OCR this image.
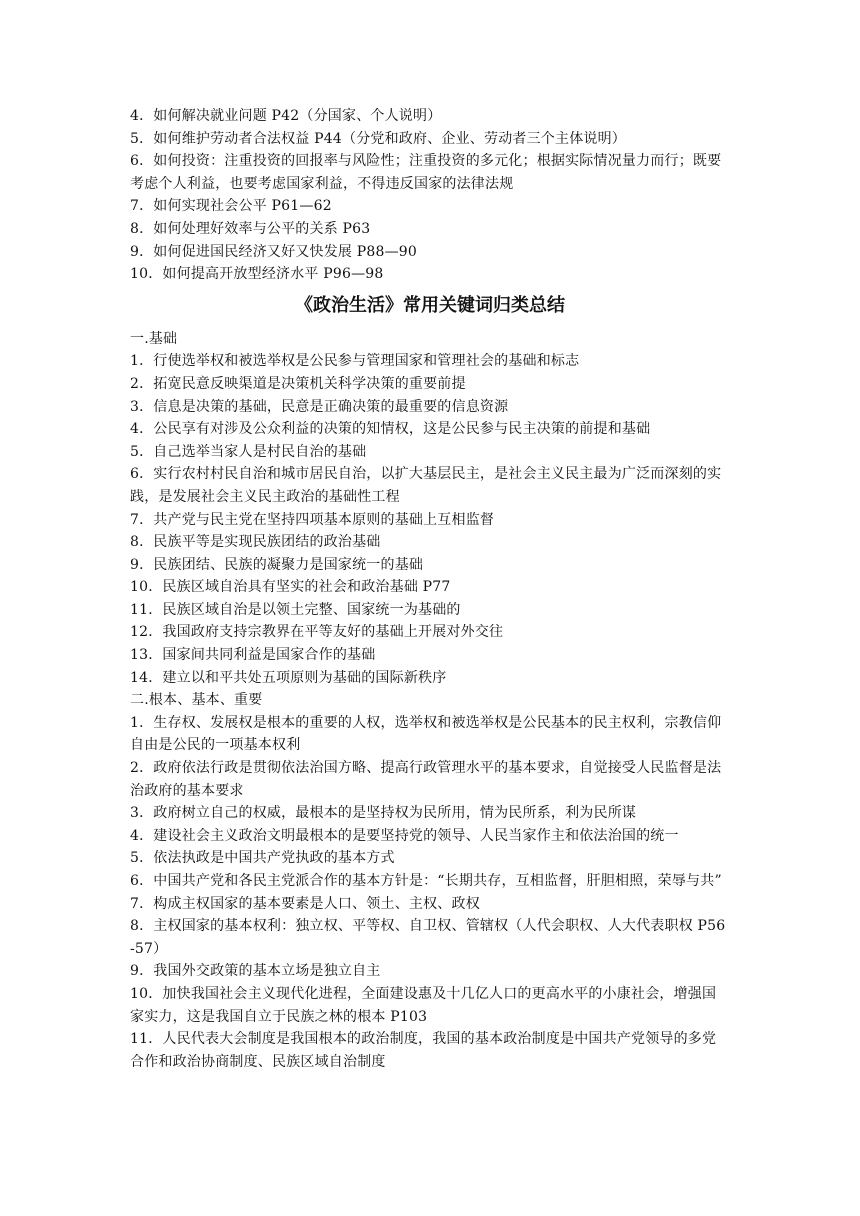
4．如何解决就业问题 P42（分国家、个人说明）
5．如何维护劳动者合法权益 P44（分党和政府、企业、劳动者三个主体说明）
6．如何投资：注重投资的回报率与风险性；注重投资的多元化；根据实际情况量力而行；既要考虑个人利益，也要考虑国家利益，不得违反国家的法律法规
7．如何实现社会公平 P61—62
8．如何处理好效率与公平的关系 P63
9．如何促进国民经济又好又快发展 P88—90
10．如何提高开放型经济水平 P96—98
《政治生活》常用关键词归类总结
一.基础
1．行使选举权和被选举权是公民参与管理国家和管理社会的基础和标志
2．拓宽民意反映渠道是决策机关科学决策的重要前提
3．信息是决策的基础，民意是正确决策的最重要的信息资源
4．公民享有对涉及公众利益的决策的知情权，这是公民参与民主决策的前提和基础
5．自己选举当家人是村民自治的基础
6．实行农村村民自治和城市居民自治，以扩大基层民主，是社会主义民主最为广泛而深刻的实践，是发展社会主义民主政治的基础性工程
7．共产党与民主党在坚持四项基本原则的基础上互相监督
8．民族平等是实现民族团结的政治基础
9．民族团结、民族的凝聚力是国家统一的基础
10．民族区域自治具有坚实的社会和政治基础 P77
11．民族区域自治是以领土完整、国家统一为基础的
12．我国政府支持宗教界在平等友好的基础上开展对外交往
13．国家间共同利益是国家合作的基础
14．建立以和平共处五项原则为基础的国际新秩序
二.根本、基本、重要
1．生存权、发展权是根本的重要的人权，选举权和被选举权是公民基本的民主权利，宗教信仰自由是公民的一项基本权利
2．政府依法行政是贯彻依法治国方略、提高行政管理水平的基本要求，自觉接受人民监督是法治政府的基本要求
3．政府树立自己的权威，最根本的是坚持权为民所用，情为民所系，利为民所谋
4．建设社会主义政治文明最根本的是要坚持党的领导、人民当家作主和依法治国的统一
5．依法执政是中国共产党执政的基本方式
6．中国共产党和各民主党派合作的基本方针是：“长期共存，互相监督，肝胆相照，荣辱与共”
7．构成主权国家的基本要素是人口、领土、主权、政权
8．主权国家的基本权利：独立权、平等权、自卫权、管辖权（人代会职权、人大代表职权 P56-57）
9．我国外交政策的基本立场是独立自主
10．加快我国社会主义现代化进程，全面建设惠及十几亿人口的更高水平的小康社会，增强国家实力，这是我国自立于民族之林的根本 P103
11．人民代表大会制度是我国根本的政治制度，我国的基本政治制度是中国共产党领导的多党合作和政治协商制度、民族区域自治制度
